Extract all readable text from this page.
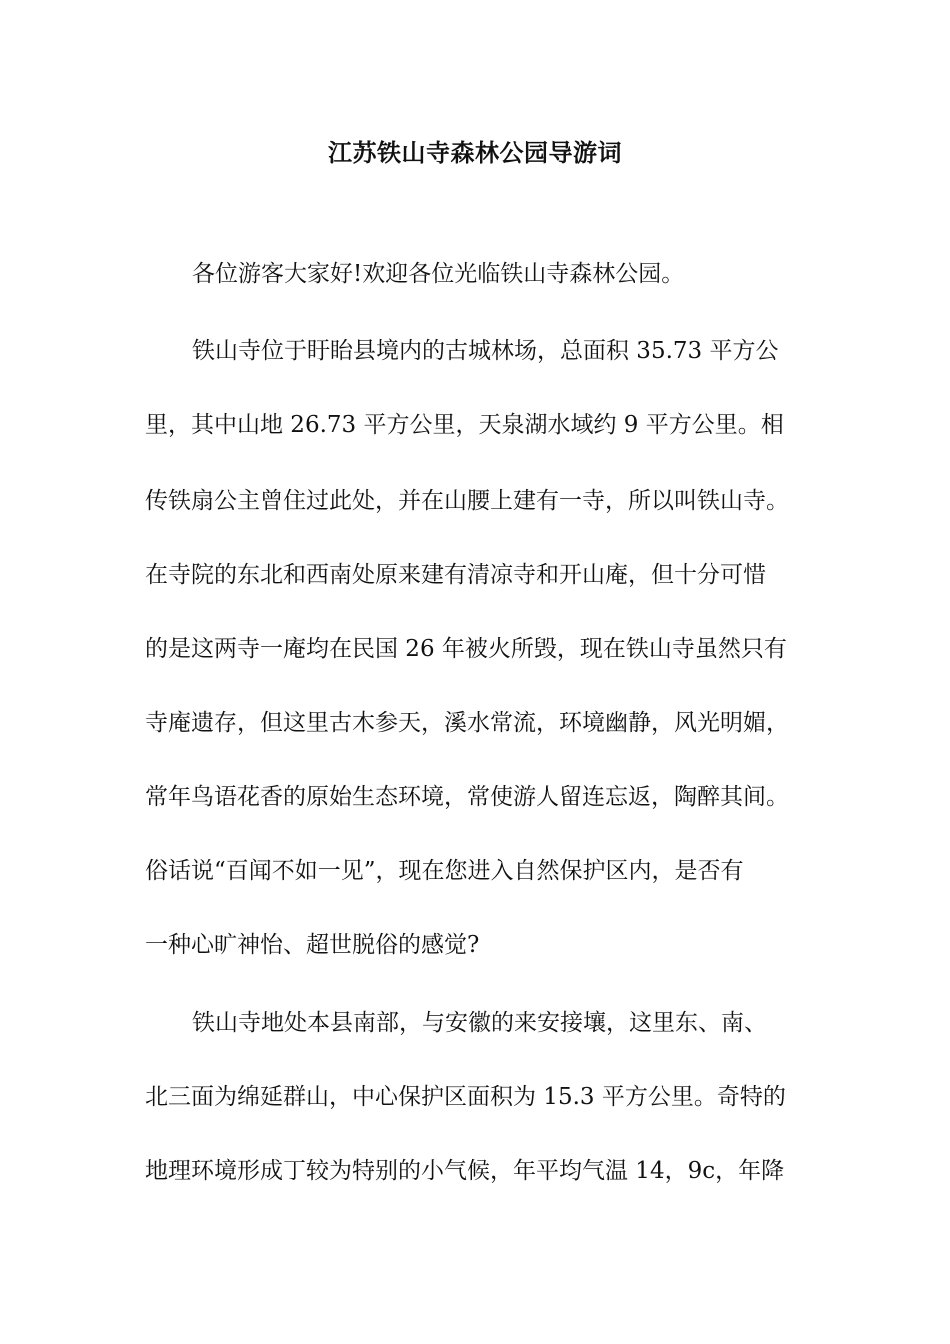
江苏铁山寺森林公园导游词
各位游客大家好!欢迎各位光临铁山寺森林公园。
铁山寺位于盱眙县境内的古城林场，总面积 35.73 平方公
里，其中山地 26.73 平方公里，天泉湖水域约 9 平方公里。相
传铁扇公主曾住过此处，并在山腰上建有一寺，所以叫铁山寺。
在寺院的东北和西南处原来建有清凉寺和开山庵，但十分可惜
的是这两寺一庵均在民国 26 年被火所毁，现在铁山寺虽然只有
寺庵遗存，但这里古木参天，溪水常流，环境幽静，风光明媚，
常年鸟语花香的原始生态环境，常使游人留连忘返，陶醉其间。
俗话说“百闻不如一见”，现在您进入自然保护区内，是否有
一种心旷神怡、超世脱俗的感觉?
铁山寺地处本县南部，与安徽的来安接壤，这里东、南、
北三面为绵延群山，中心保护区面积为 15.3 平方公里。奇特的
地理环境形成丁较为特别的小气候，年平均气温 14，9c，年降
